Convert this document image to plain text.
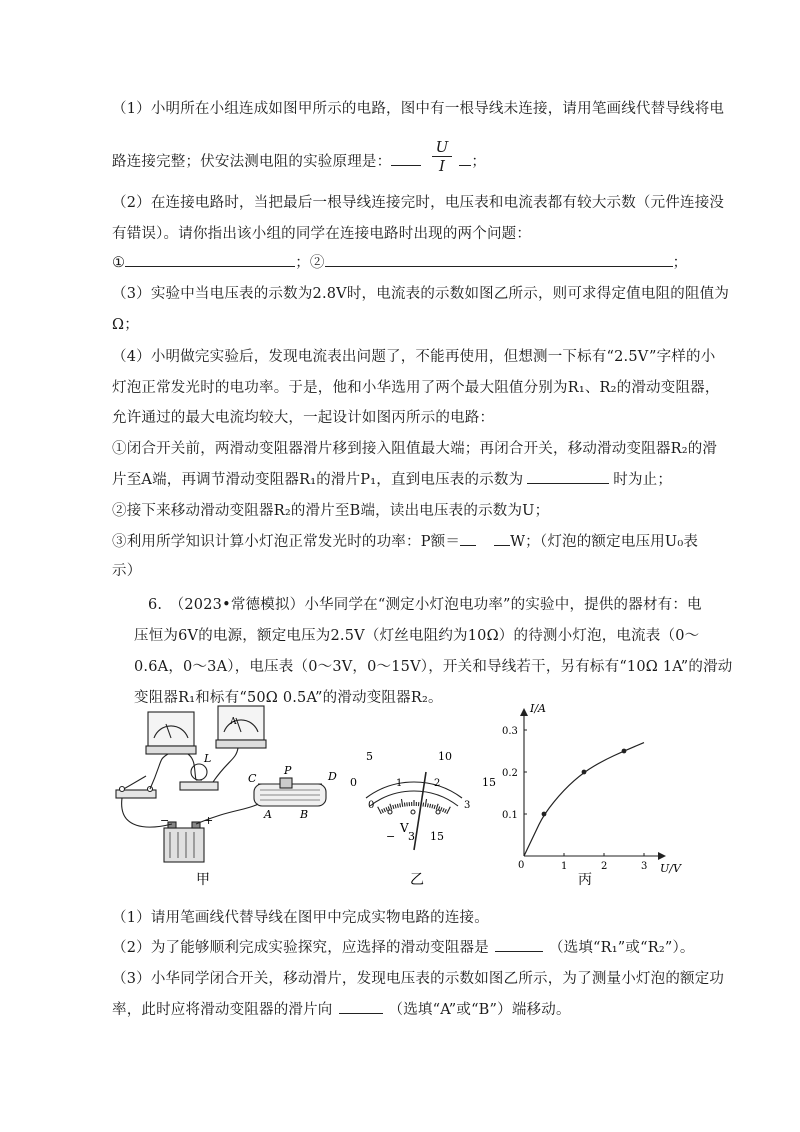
（1）小明所在小组连成如图甲所示的电路，图中有一根导线未连接，请用笔画线代替导线将电
路连接完整；伏安法测电阻的实验原理是：	；
U
I
（2）在连接电路时，当把最后一根导线连接完时，电压表和电流表都有较大示数（元件连接没
有错误）。请你指出该小组的同学在连接电路时出现的两个问题：
①	；②	；
（3）实验中当电压表的示数为2.8V时，电流表的示数如图乙所示，则可求得定值电阻的阻值为
Ω；
（4）小明做完实验后，发现电流表出问题了，不能再使用，但想测一下标有“2.5V”字样的小
灯泡正常发光时的电功率。于是，他和小华选用了两个最大阻值分别为R₁、R₂的滑动变阻器，
允许通过的最大电流均较大，一起设计如图丙所示的电路：
①闭合开关前，两滑动变阻器滑片移到接入阻值最大端；再闭合开关，移动滑动变阻器R₂的滑
片至A端，再调节滑动变阻器R₁的滑片P₁，直到电压表的示数为	时为止；
②接下来移动滑动变阻器R₂的滑片至B端，读出电压表的示数为U；
③利用所学知识计算小灯泡正常发光时的功率：P额＝	W；（灯泡的额定电压用U₀表
示）
6.　（2023•常德模拟）小华同学在“测定小灯泡电功率”的实验中，提供的器材有：电
压恒为6V的电源，额定电压为2.5V（灯丝电阻约为10Ω）的待测小灯泡，电流表（0～
0.6A，0～3A），电压表（0～3V，0～15V），开关和导线若干，另有标有“10Ω 1A”的滑动
变阻器R₁和标有“50Ω 0.5A”的滑动变阻器R₂。
P
C	D
A	B
L
−	+
A
甲
0
5	10
15
0
1	2
3
V
− 3 15
乙
0
I/A
U/V
1	2	3
0.1
0.2
0.3
丙
（1）请用笔画线代替导线在图甲中完成实物电路的连接。
（2）为了能够顺利完成实验探究，应选择的滑动变阻器是	（选填“R₁”或“R₂”）。
（3）小华同学闭合开关，移动滑片，发现电压表的示数如图乙所示，为了测量小灯泡的额定功
率，此时应将滑动变阻器的滑片向	（选填“A”或“B”）端移动。
